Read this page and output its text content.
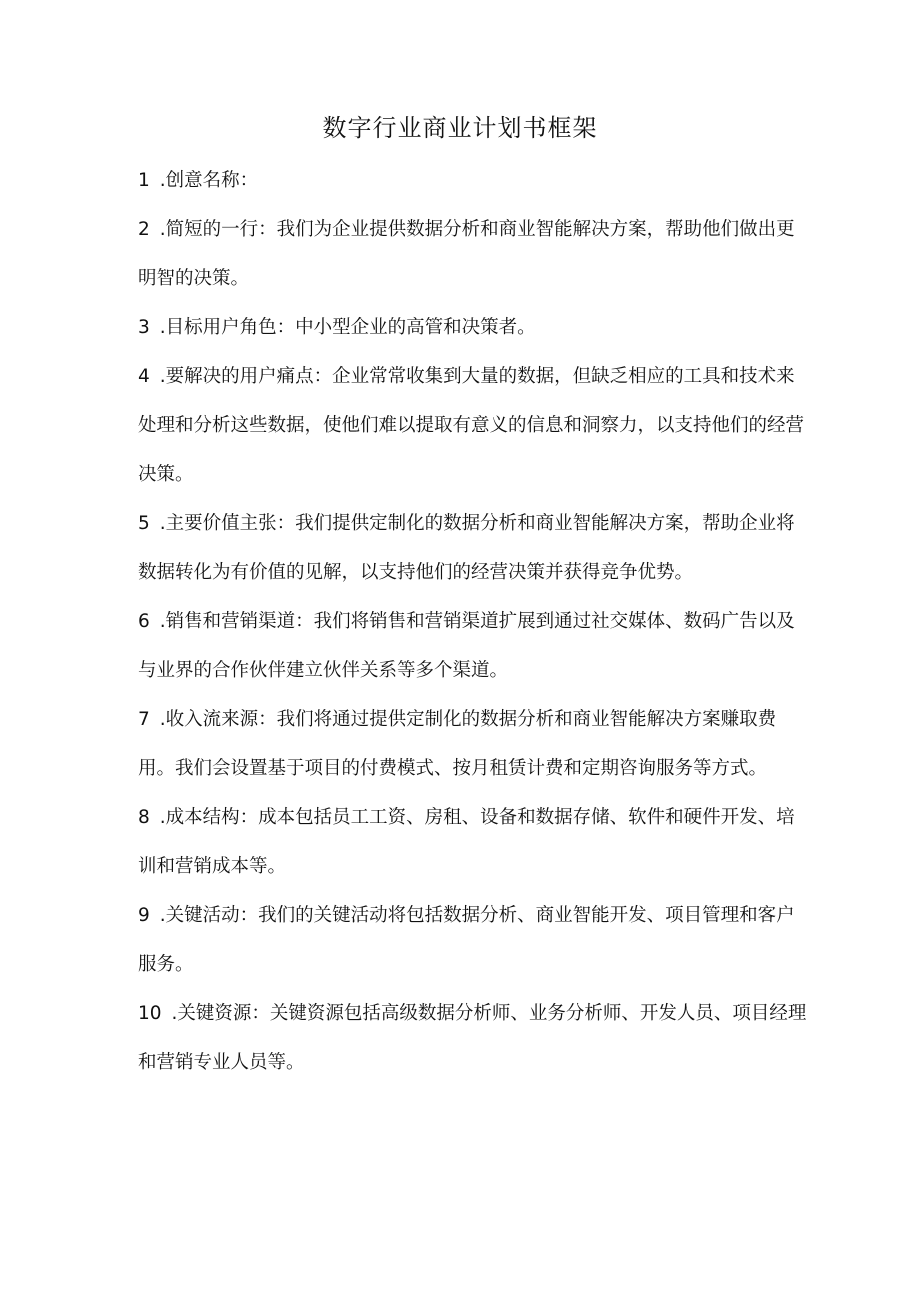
数字行业商业计划书框架

1 .创意名称：

2 .简短的一行：我们为企业提供数据分析和商业智能解决方案，帮助他们做出更明智的决策。

3 .目标用户角色：中小型企业的高管和决策者。

4 .要解决的用户痛点：企业常常收集到大量的数据，但缺乏相应的工具和技术来处理和分析这些数据，使他们难以提取有意义的信息和洞察力，以支持他们的经营决策。

5 .主要价值主张：我们提供定制化的数据分析和商业智能解决方案，帮助企业将数据转化为有价值的见解，以支持他们的经营决策并获得竞争优势。

6 .销售和营销渠道：我们将销售和营销渠道扩展到通过社交媒体、数码广告以及与业界的合作伙伴建立伙伴关系等多个渠道。

7 .收入流来源：我们将通过提供定制化的数据分析和商业智能解决方案赚取费用。我们会设置基于项目的付费模式、按月租赁计费和定期咨询服务等方式。

8 .成本结构：成本包括员工工资、房租、设备和数据存储、软件和硬件开发、培训和营销成本等。

9 .关键活动：我们的关键活动将包括数据分析、商业智能开发、项目管理和客户服务。

10 .关键资源：关键资源包括高级数据分析师、业务分析师、开发人员、项目经理和营销专业人员等。
